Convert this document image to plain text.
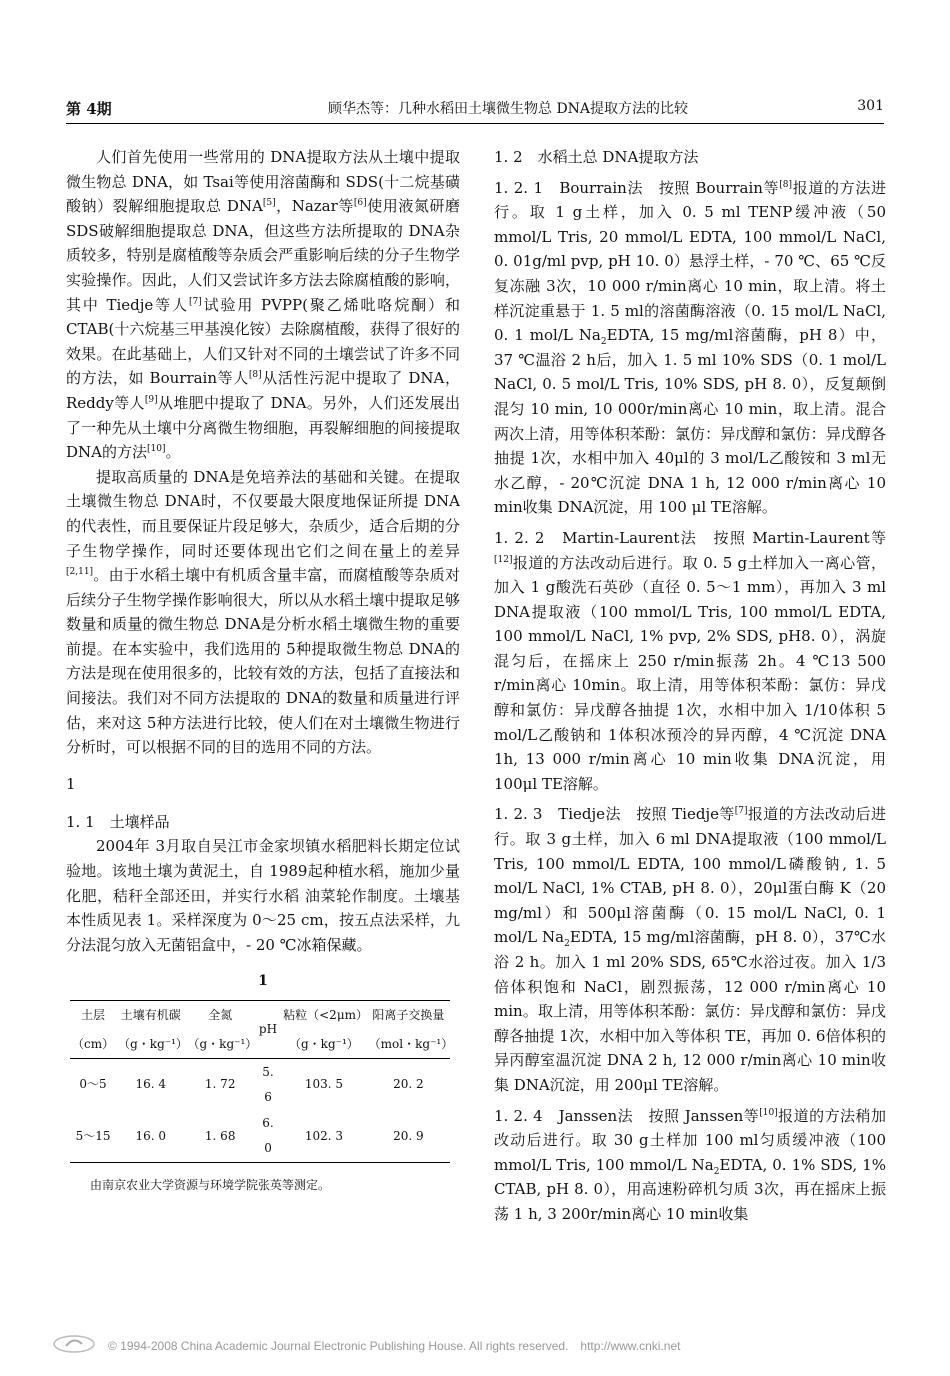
第 4期	顾华杰等：几种水稻田土壤微生物总 DNA提取方法的比较	301

人们首先使用一些常用的 DNA提取方法从土壤中提取微生物总 DNA，如 Tsai等使用溶菌酶和 SDS(十二烷基磺酸钠）裂解细胞提取总 DNA[5]，Nazar等[6]使用液氮研磨 SDS破解细胞提取总 DNA，但这些方法所提取的 DNA杂质较多，特别是腐植酸等杂质会严重影响后续的分子生物学实验操作。因此，人们又尝试许多方法去除腐植酸的影响，其中 Tiedje等人[7]试验用 PVPP(聚乙烯吡咯烷酮）和 CTAB(十六烷基三甲基溴化铵）去除腐植酸，获得了很好的效果。在此基础上，人们又针对不同的土壤尝试了许多不同的方法，如 Bourrain等人[8]从活性污泥中提取了 DNA，Reddy等人[9]从堆肥中提取了 DNA。另外，人们还发展出了一种先从土壤中分离微生物细胞，再裂解细胞的间接提取 DNA的方法[10]。

提取高质量的 DNA是免培养法的基础和关键。在提取土壤微生物总 DNA时，不仅要最大限度地保证所提 DNA的代表性，而且要保证片段足够大，杂质少，适合后期的分子生物学操作，同时还要体现出它们之间在量上的差异[2,11]。由于水稻土壤中有机质含量丰富，而腐植酸等杂质对后续分子生物学操作影响很大，所以从水稻土壤中提取足够数量和质量的微生物总 DNA是分析水稻土壤微生物的重要前提。在本实验中，我们选用的 5种提取微生物总 DNA的方法是现在使用很多的，比较有效的方法，包括了直接法和间接法。我们对不同方法提取的 DNA的数量和质量进行评估，来对这 5种方法进行比较，使人们在对土壤微生物进行分析时，可以根据不同的目的选用不同的方法。

1

1. 1　土壤样品

2004年 3月取自吴江市金家坝镇水稻肥料长期定位试验地。该地土壤为黄泥土，自 1989起种植水稻，施加少量化肥，秸秆全部还田，并实行水稻 油菜轮作制度。土壤基本性质见表 1。采样深度为 0～25 cm，按五点法采样，九分法混匀放入无菌铝盒中，- 20 ℃冰箱保藏。

1
土层	土壤有机碳	全氮	pH	粘粒（<2μm）	阳离子交换量
（cm）	（g・kg⁻¹）	（g・kg⁻¹）		（g・kg⁻¹）	（mol・kg⁻¹）
0～5	16. 4	1. 72	5. 6	103. 5	20. 2
5～15	16. 0	1. 68	6. 0	102. 3	20. 9
由南京农业大学资源与环境学院张英等测定。

1. 2　水稻土总 DNA提取方法

1. 2. 1　Bourrain法　按照 Bourrain等[8]报道的方法进行。取 1 g土样，加入 0. 5 ml TENP缓冲液（50 mmol/L Tris, 20 mmol/L EDTA, 100 mmol/L NaCl, 0. 01g/ml pvp, pH 10. 0）悬浮土样，- 70 ℃、65 ℃反复冻融 3次，10 000 r/min离心 10 min，取上清。将土样沉淀重悬于 1. 5 ml的溶菌酶溶液（0. 15 mol/L NaCl, 0. 1 mol/L $Na_2EDTA$, 15 mg/ml溶菌酶，pH 8）中，37 ℃温浴 2 h后，加入 1. 5 ml 10% SDS（0. 1 mol/L NaCl, 0. 5 mol/L Tris, 10% SDS, pH 8. 0），反复颠倒混匀 10 min, 10 000r/min离心 10 min，取上清。混合两次上清，用等体积苯酚：氯仿：异戊醇和氯仿：异戊醇各抽提 1次，水相中加入 40μl的 3 mol/L乙酸铵和 3 ml无水乙醇，- 20℃沉淀 DNA 1 h, 12 000 r/min离心 10 min收集 DNA沉淀，用 100 μl TE溶解。

1. 2. 2　Martin-Laurent法　按照 Martin-Laurent等[12]报道的方法改动后进行。取 0. 5 g土样加入一离心管，加入 1 g酸洗石英砂（直径 0. 5～1 mm），再加入 3 ml DNA提取液（100 mmol/L Tris, 100 mmol/L EDTA, 100 mmol/L NaCl, 1% pvp, 2% SDS, pH8. 0），涡旋混匀后，在摇床上 250 r/min振荡 2h。4 ℃13 500 r/min离心 10min。取上清，用等体积苯酚：氯仿：异戊醇和氯仿：异戊醇各抽提 1次，水相中加入 1/10体积 5 mol/L乙酸钠和 1体积冰预冷的异丙醇，4 ℃沉淀 DNA 1h, 13 000 r/min离心 10 min收集 DNA沉淀，用 100μl TE溶解。

1. 2. 3　Tiedje法　按照 Tiedje等[7]报道的方法改动后进行。取 3 g土样，加入 6 ml DNA提取液（100 mmol/L Tris, 100 mmol/L EDTA, 100 mmol/L磷酸钠, 1. 5 mol/L NaCl, 1% CTAB, pH 8. 0），20μl蛋白酶 K（20 mg/ml）和 500μl溶菌酶（0. 15 mol/L NaCl, 0. 1 mol/L $Na_2EDTA$, 15 mg/ml溶菌酶，pH 8. 0），37℃水浴 2 h。加入 1 ml 20% SDS, 65℃水浴过夜。加入 1/3倍体积饱和 NaCl，剧烈振荡，12 000 r/min离心 10 min。取上清，用等体积苯酚：氯仿：异戊醇和氯仿：异戊醇各抽提 1次，水相中加入等体积 TE，再加 0. 6倍体积的异丙醇室温沉淀 DNA 2 h, 12 000 r/min离心 10 min收集 DNA沉淀，用 200μl TE溶解。

1. 2. 4　Janssen法　按照 Janssen等[10]报道的方法稍加改动后进行。取 30 g土样加 100 ml匀质缓冲液（100 mmol/L Tris, 100 mmol/L $Na_2EDTA$, 0. 1% SDS, 1% CTAB, pH 8. 0），用高速粉碎机匀质 3次，再在摇床上振荡 1 h, 3 200r/min离心 10 min收集

© 1994-2008 China Academic Journal Electronic Publishing House. All rights reserved.　http://www.cnki.net
